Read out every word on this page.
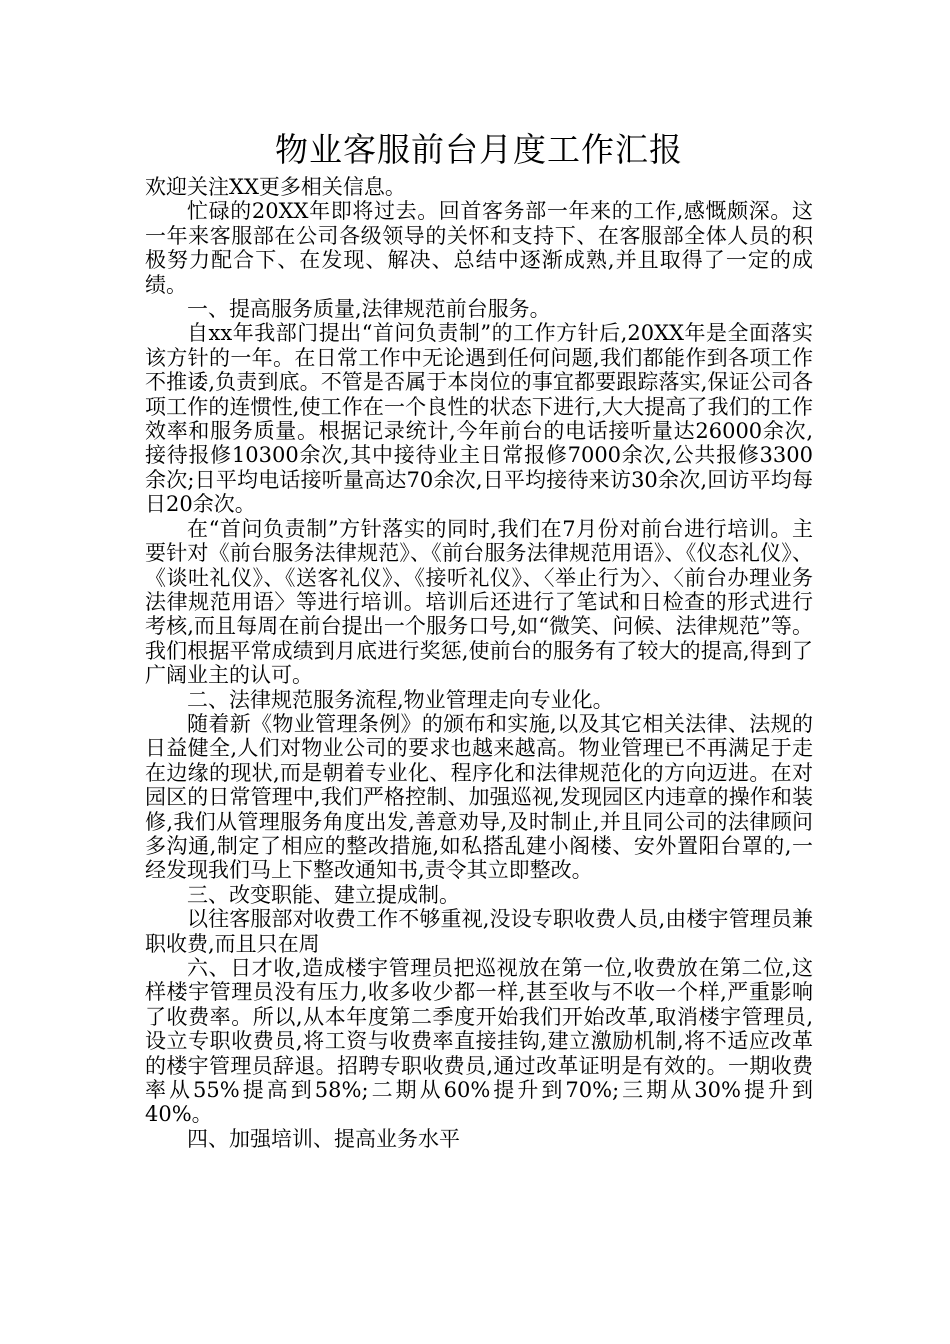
物业客服前台月度工作汇报

欢迎关注XX更多相关信息。

忙碌的20XX年即将过去。回首客务部一年来的工作,感慨颇深。这一年来客服部在公司各级领导的关怀和支持下、在客服部全体人员的积极努力配合下、在发现、解决、总结中逐渐成熟,并且取得了一定的成绩。

一、提高服务质量,法律规范前台服务。

自xx年我部门提出“首问负责制”的工作方针后,20XX年是全面落实该方针的一年。在日常工作中无论遇到任何问题,我们都能作到各项工作不推诿,负责到底。不管是否属于本岗位的事宜都要跟踪落实,保证公司各项工作的连惯性,使工作在一个良性的状态下进行,大大提高了我们的工作效率和服务质量。根据记录统计,今年前台的电话接听量达26000余次,接待报修10300余次,其中接待业主日常报修7000余次,公共报修3300余次;日平均电话接听量高达70余次,日平均接待来访30余次,回访平均每日20余次。

在“首问负责制”方针落实的同时,我们在7月份对前台进行培训。主要针对《前台服务法律规范》、《前台服务法律规范用语》、《仪态礼仪》、《谈吐礼仪》、《送客礼仪》、《接听礼仪》、〈举止行为〉、〈前台办理业务法律规范用语〉等进行培训。培训后还进行了笔试和日检查的形式进行考核,而且每周在前台提出一个服务口号,如“微笑、问候、法律规范”等。我们根据平常成绩到月底进行奖惩,使前台的服务有了较大的提高,得到了广阔业主的认可。

二、法律规范服务流程,物业管理走向专业化。

随着新《物业管理条例》的颁布和实施,以及其它相关法律、法规的日益健全,人们对物业公司的要求也越来越高。物业管理已不再满足于走在边缘的现状,而是朝着专业化、程序化和法律规范化的方向迈进。在对园区的日常管理中,我们严格控制、加强巡视,发现园区内违章的操作和装修,我们从管理服务角度出发,善意劝导,及时制止,并且同公司的法律顾问多沟通,制定了相应的整改措施,如私搭乱建小阁楼、安外置阳台罩的,一经发现我们马上下整改通知书,责令其立即整改。

三、改变职能、建立提成制。

以往客服部对收费工作不够重视,没设专职收费人员,由楼宇管理员兼职收费,而且只在周

六、日才收,造成楼宇管理员把巡视放在第一位,收费放在第二位,这样楼宇管理员没有压力,收多收少都一样,甚至收与不收一个样,严重影响了收费率。所以,从本年度第二季度开始我们开始改革,取消楼宇管理员,设立专职收费员,将工资与收费率直接挂钩,建立激励机制,将不适应改革的楼宇管理员辞退。招聘专职收费员,通过改革证明是有效的。一期收费率从55%提高到58%;二期从60%提升到70%;三期从30%提升到40%。

四、加强培训、提高业务水平
